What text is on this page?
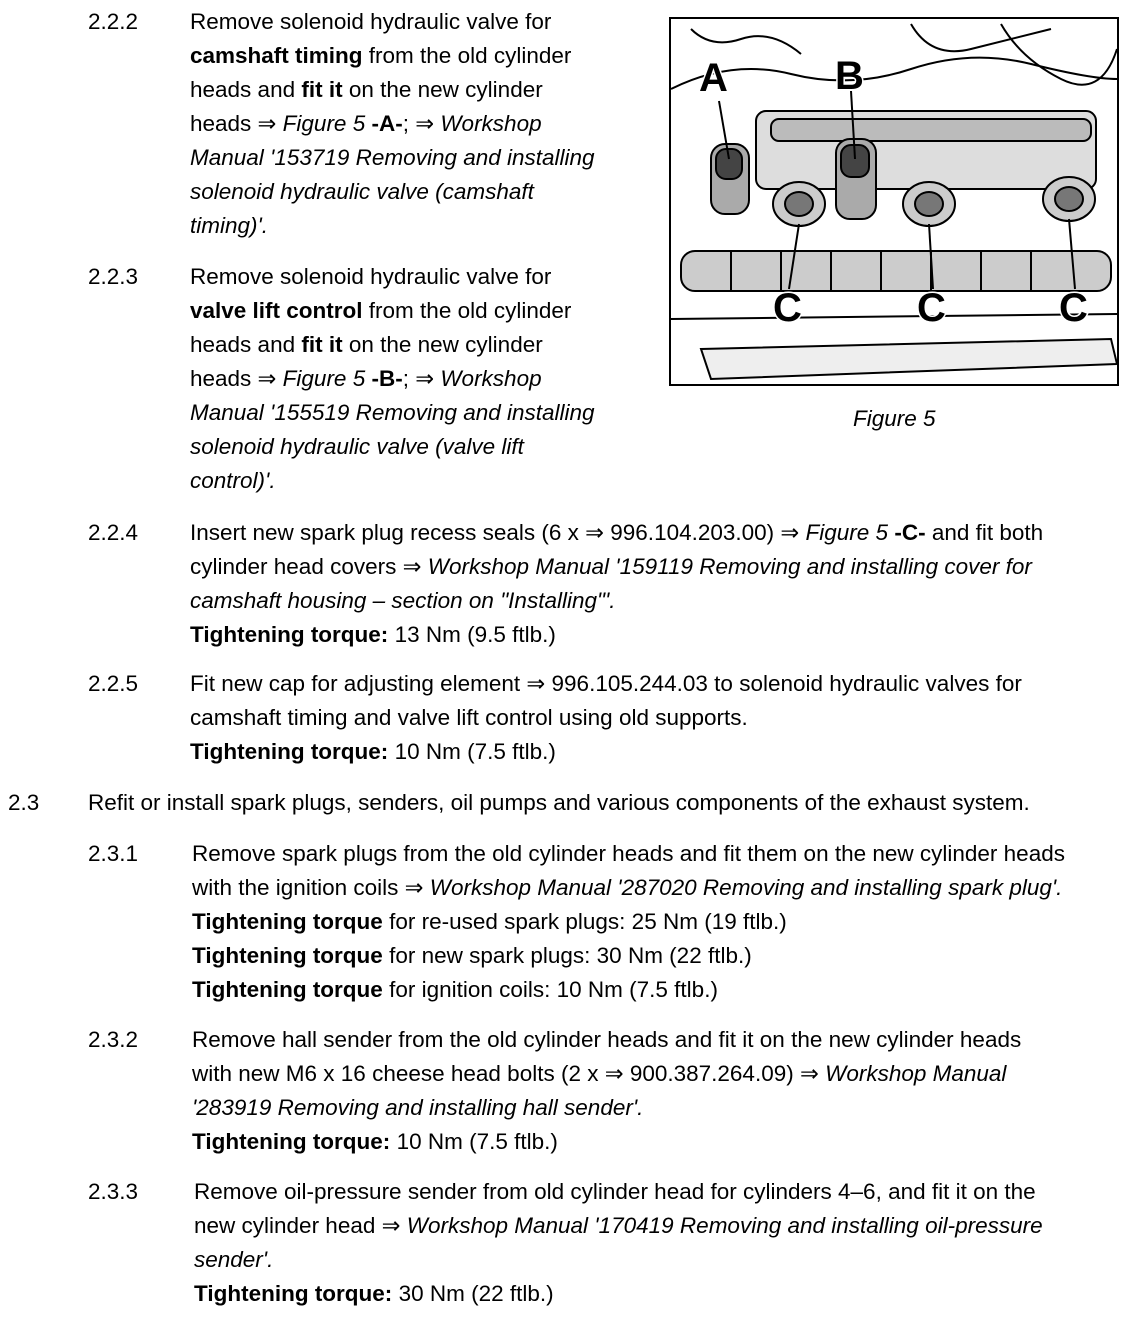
2.2.2 Remove solenoid hydraulic valve for
camshaft timing from the old cylinder
heads and fit it on the new cylinder
heads ⇒ Figure 5 -A-; ⇒ Workshop
Manual '153719 Removing and installing
solenoid hydraulic valve (camshaft
timing)'.
2.2.3 Remove solenoid hydraulic valve for
valve lift control from the old cylinder
heads and fit it on the new cylinder
heads ⇒ Figure 5 -B-; ⇒ Workshop
Manual '155519 Removing and installing
solenoid hydraulic valve (valve lift
control)'.
A	B
C	C	C
Figure 5
2.2.4 Insert new spark plug recess seals (6 x ⇒ 996.104.203.00) ⇒ Figure 5 -C- and fit both
cylinder head covers ⇒ Workshop Manual '159119 Removing and installing cover for
camshaft housing – section on "Installing"'.
Tightening torque: 13 Nm (9.5 ftlb.)
2.2.5 Fit new cap for adjusting element ⇒ 996.105.244.03 to solenoid hydraulic valves for
camshaft timing and valve lift control using old supports.
Tightening torque: 10 Nm (7.5 ftlb.)
2.3 Refit or install spark plugs, senders, oil pumps and various components of the exhaust system.
2.3.1 Remove spark plugs from the old cylinder heads and fit them on the new cylinder heads
with the ignition coils ⇒ Workshop Manual '287020 Removing and installing spark plug'.
Tightening torque for re-used spark plugs: 25 Nm (19 ftlb.)
Tightening torque for new spark plugs: 30 Nm (22 ftlb.)
Tightening torque for ignition coils: 10 Nm (7.5 ftlb.)
2.3.2 Remove hall sender from the old cylinder heads and fit it on the new cylinder heads
with new M6 x 16 cheese head bolts (2 x ⇒ 900.387.264.09) ⇒ Workshop Manual
'283919 Removing and installing hall sender'.
Tightening torque: 10 Nm (7.5 ftlb.)
2.3.3 Remove oil-pressure sender from old cylinder head for cylinders 4–6, and fit it on the
new cylinder head ⇒ Workshop Manual '170419 Removing and installing oil-pressure
sender'.
Tightening torque: 30 Nm (22 ftlb.)
